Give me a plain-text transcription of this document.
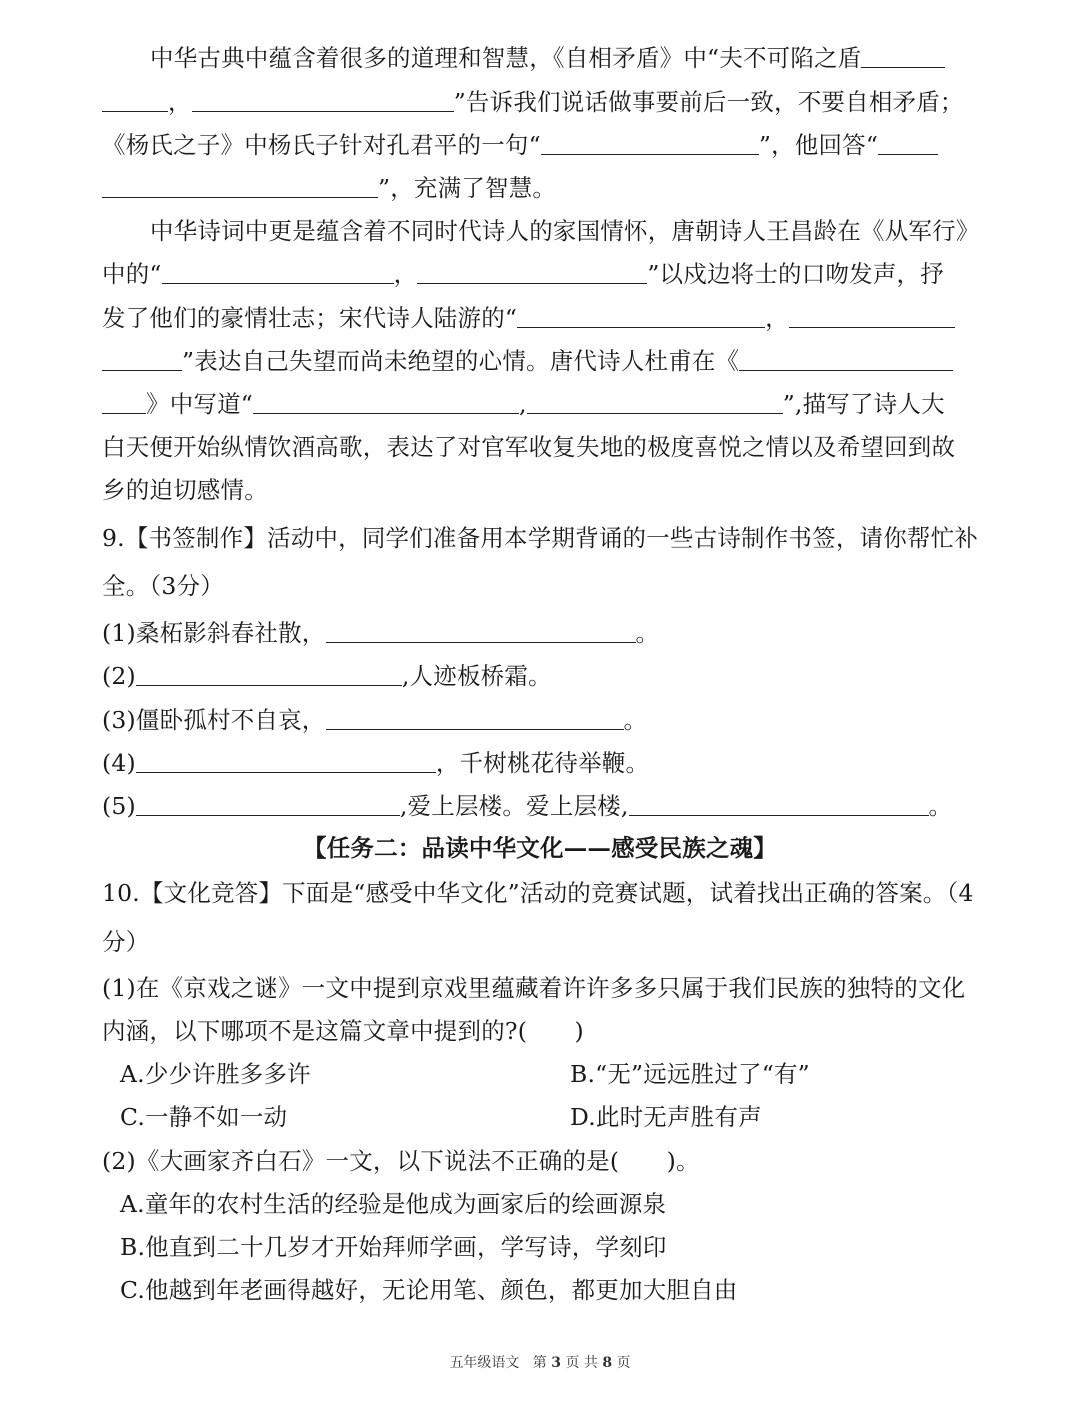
中华古典中蕴含着很多的道理和智慧，《自相矛盾》中“夫不可陷之盾
，	”告诉我们说话做事要前后一致，不要自相矛盾；
《杨氏之子》中杨氏子针对孔君平的一句“	”，他回答“
”，充满了智慧。
中华诗词中更是蕴含着不同时代诗人的家国情怀，唐朝诗人王昌龄在《从军行》
中的“	，	”以戍边将士的口吻发声，抒
发了他们的豪情壮志；宋代诗人陆游的“	，
”表达自己失望而尚未绝望的心情。唐代诗人杜甫在《
》中写道“	,	”,描写了诗人大
白天便开始纵情饮酒高歌，表达了对官军收复失地的极度喜悦之情以及希望回到故
乡的迫切感情。
9.【书签制作】活动中，同学们准备用本学期背诵的一些古诗制作书签，请你帮忙补
全。（3分）
(1)桑柘影斜春社散，	。
(2)	,人迹板桥霜。
(3)僵卧孤村不自哀，	。
(4)	，千树桃花待举鞭。
(5)	,爱上层楼。爱上层楼,	。
【任务二：品读中华文化——感受民族之魂】
10.【文化竞答】下面是“感受中华文化”活动的竞赛试题，试着找出正确的答案。（4
分）
(1)在《京戏之谜》一文中提到京戏里蕴藏着许许多多只属于我们民族的独特的文化
内涵，以下哪项不是这篇文章中提到的?(　　)
A.少少许胜多多许	B.“无”远远胜过了“有”
C.一静不如一动	D.此时无声胜有声
(2)《大画家齐白石》一文，以下说法不正确的是(　　)。
A.童年的农村生活的经验是他成为画家后的绘画源泉
B.他直到二十几岁才开始拜师学画，学写诗，学刻印
C.他越到年老画得越好，无论用笔、颜色，都更加大胆自由
五年级语文 第 3 页 共 8 页
